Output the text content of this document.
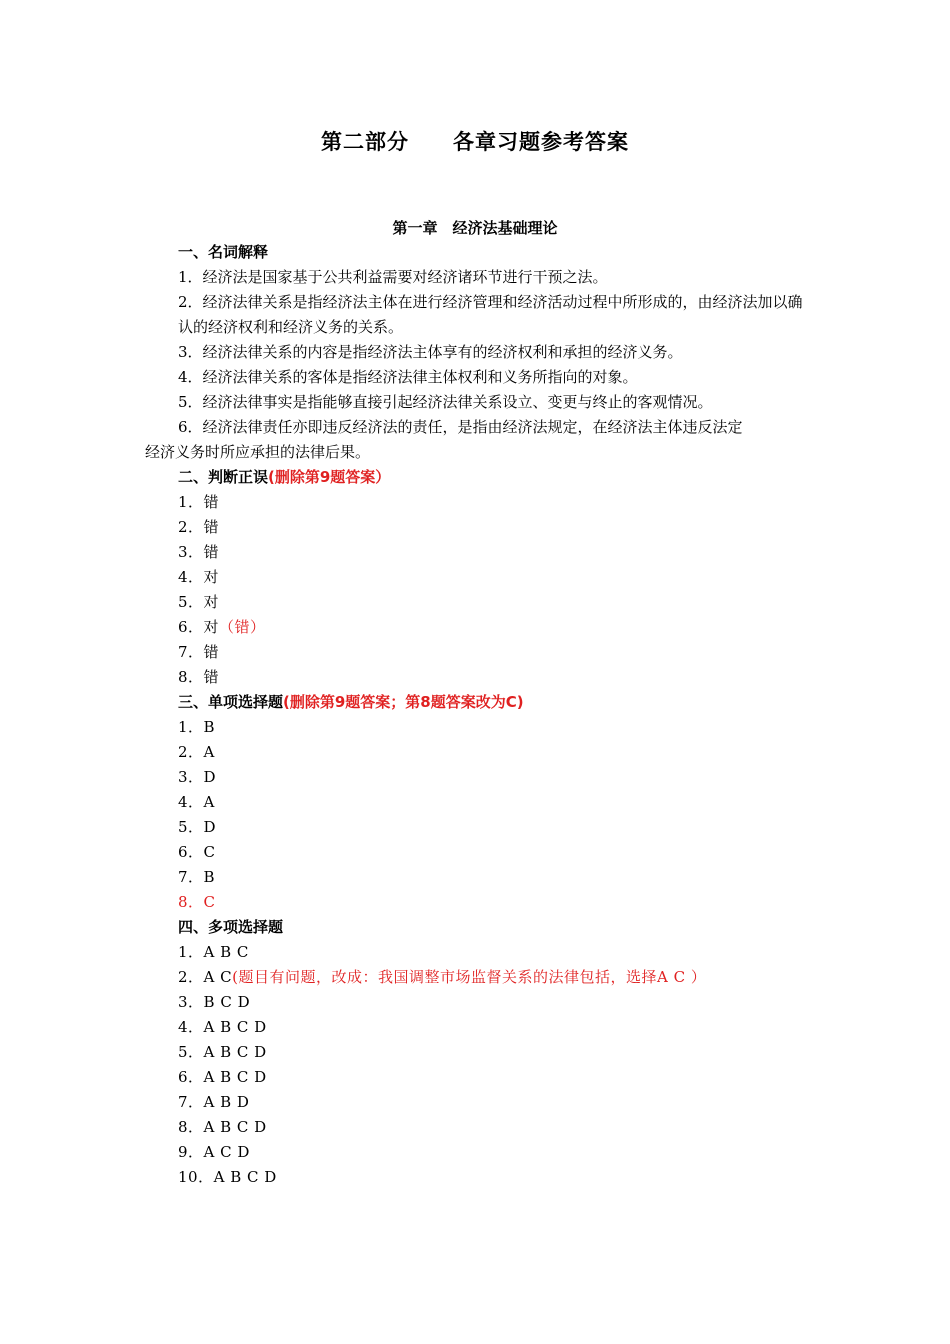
第二部分　　各章习题参考答案
第一章　经济法基础理论
一、名词解释
1．经济法是国家基于公共利益需要对经济诸环节进行干预之法。
2．经济法律关系是指经济法主体在进行经济管理和经济活动过程中所形成的，由经济法加以确认的经济权利和经济义务的关系。
3．经济法律关系的内容是指经济法主体享有的经济权利和承担的经济义务。
4．经济法律关系的客体是指经济法律主体权利和义务所指向的对象。
5．经济法律事实是指能够直接引起经济法律关系设立、变更与终止的客观情况。
6．经济法律责任亦即违反经济法的责任，是指由经济法规定，在经济法主体违反法定
经济义务时所应承担的法律后果。
二、判断正误(删除第9题答案）
1．错
2．错
3．错
4．对
5．对
6．对（错）
7．错
8．错
三、单项选择题(删除第9题答案；第8题答案改为C)
1．B
2．A
3．D
4．A
5．D
6．C
7．B
8．C
四、多项选择题
1．A B C
2．A C(题目有问题，改成：我国调整市场监督关系的法律包括，选择A C ）
3．B C D
4．A B C D
5．A B C D
6．A B C D
7．A B D
8．A B C D
9．A C D
10．A B C D
